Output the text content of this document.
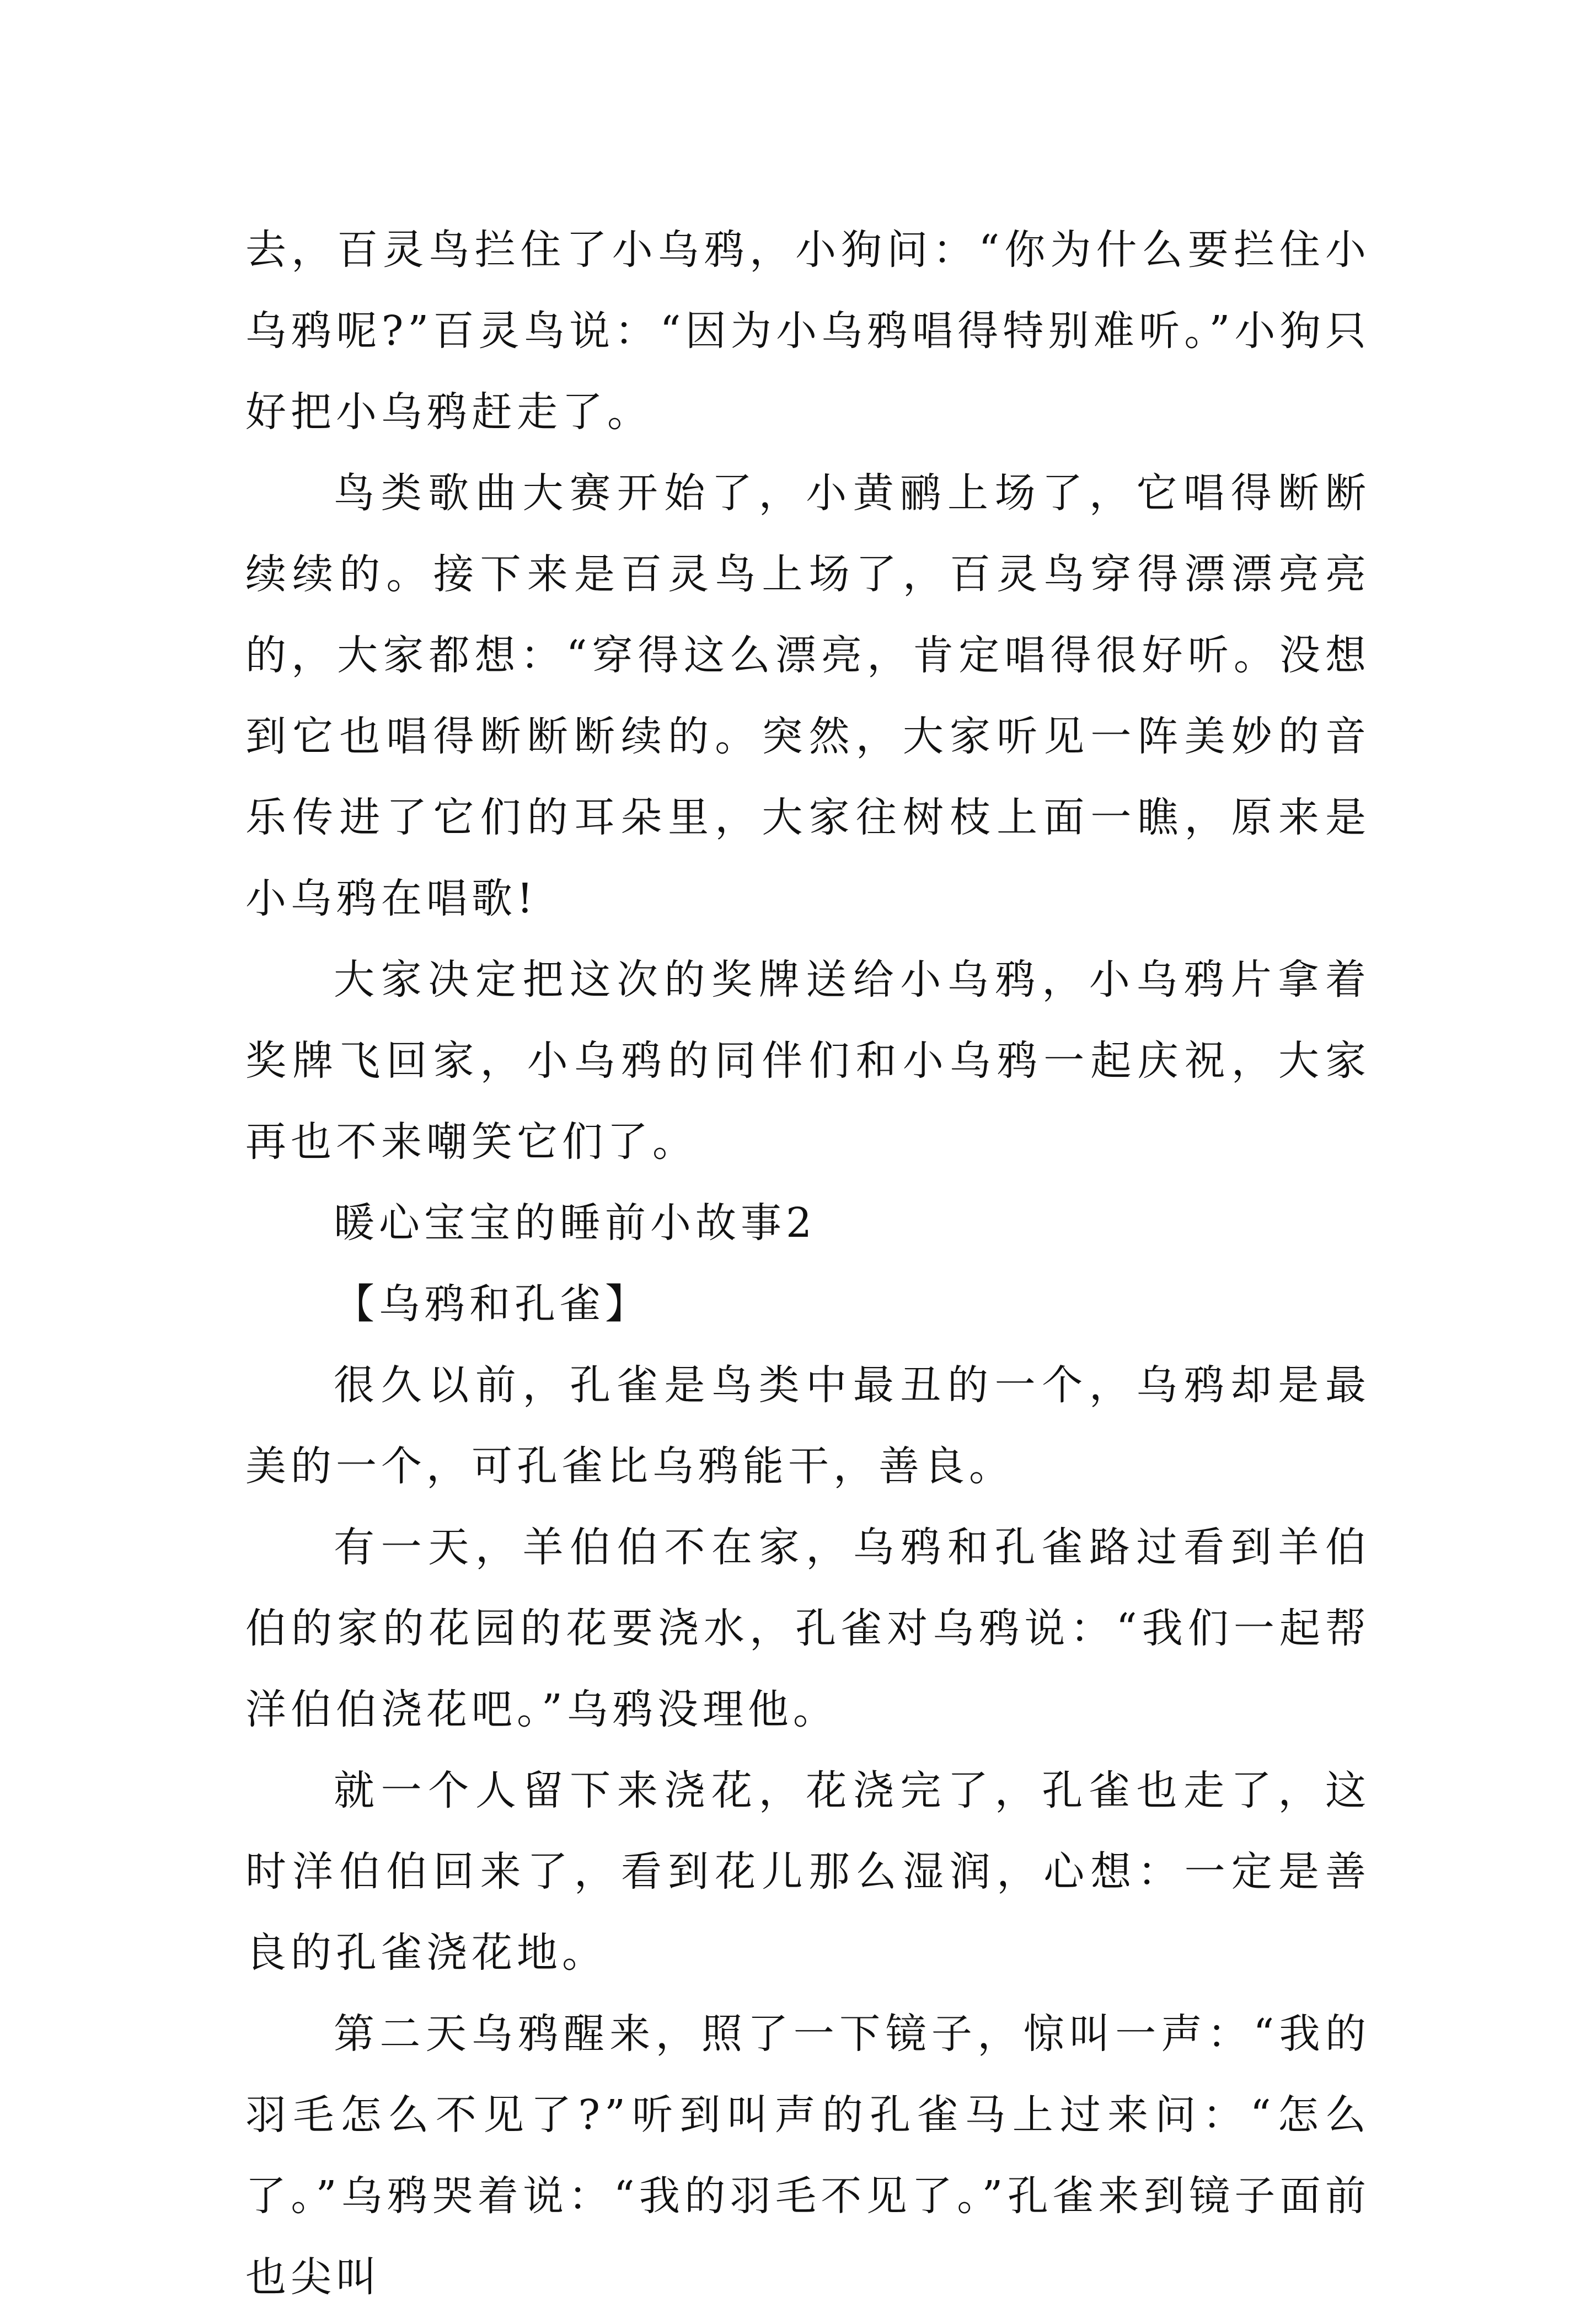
去，百灵鸟拦住了小乌鸦，小狗问：“你为什么要拦住小乌鸦呢?”百灵鸟说：“因为小乌鸦唱得特别难听。”小狗只好把小乌鸦赶走了。

鸟类歌曲大赛开始了，小黄鹂上场了，它唱得断断续续的。接下来是百灵鸟上场了，百灵鸟穿得漂漂亮亮的，大家都想：“穿得这么漂亮，肯定唱得很好听。没想到它也唱得断断断续的。突然，大家听见一阵美妙的音乐传进了它们的耳朵里，大家往树枝上面一瞧，原来是小乌鸦在唱歌!

大家决定把这次的奖牌送给小乌鸦，小乌鸦片拿着奖牌飞回家，小乌鸦的同伴们和小乌鸦一起庆祝，大家再也不来嘲笑它们了。

暖心宝宝的睡前小故事2

【乌鸦和孔雀】

很久以前，孔雀是鸟类中最丑的一个，乌鸦却是最美的一个，可孔雀比乌鸦能干，善良。

有一天，羊伯伯不在家，乌鸦和孔雀路过看到羊伯伯的家的花园的花要浇水，孔雀对乌鸦说：“我们一起帮洋伯伯浇花吧。”乌鸦没理他。

就一个人留下来浇花，花浇完了，孔雀也走了，这时洋伯伯回来了，看到花儿那么湿润，心想：一定是善良的孔雀浇花地。

第二天乌鸦醒来，照了一下镜子，惊叫一声：“我的羽毛怎么不见了?”听到叫声的孔雀马上过来问：“怎么了。”乌鸦哭着说：“我的羽毛不见了。”孔雀来到镜子面前也尖叫
